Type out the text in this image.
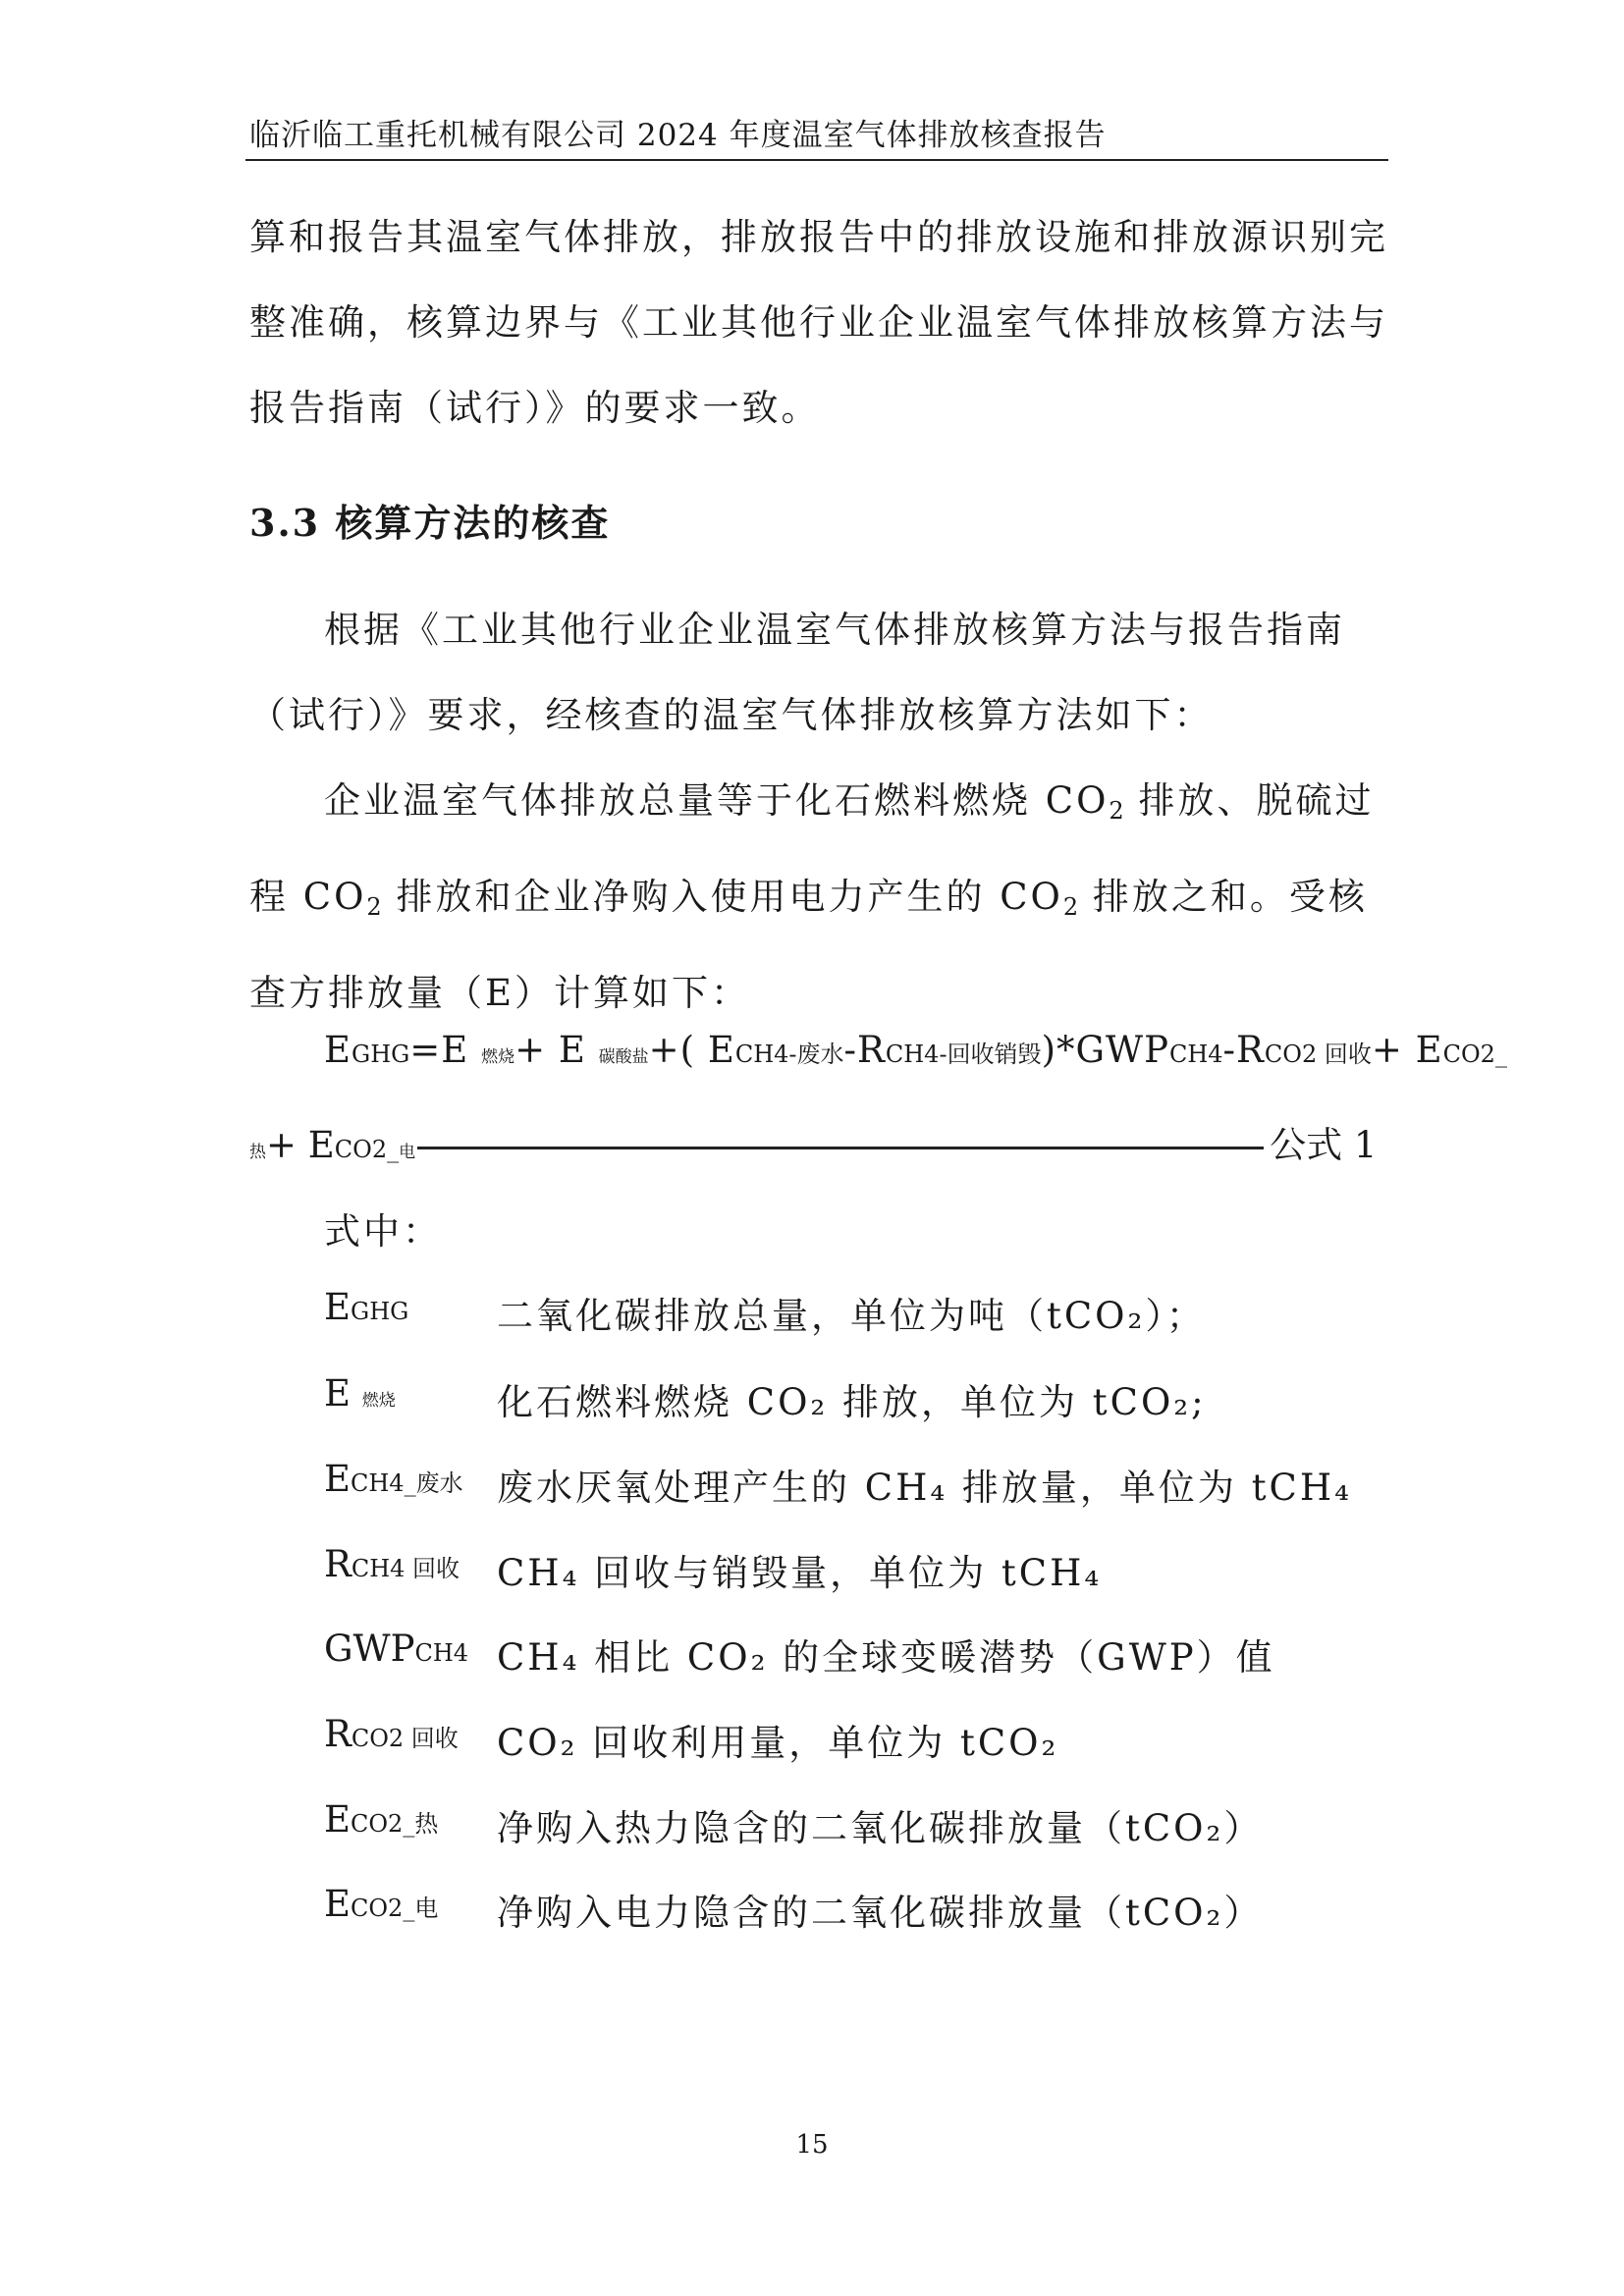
临沂临工重托机械有限公司 2024 年度温室气体排放核查报告
算和报告其温室气体排放，排放报告中的排放设施和排放源识别完整准确，核算边界与《工业其他行业企业温室气体排放核算方法与报告指南（试行）》的要求一致。
3.3 核算方法的核查
根据《工业其他行业企业温室气体排放核算方法与报告指南（试行）》要求，经核查的温室气体排放核算方法如下：
企业温室气体排放总量等于化石燃料燃烧 CO2 排放、脱硫过程 CO2 排放和企业净购入使用电力产生的 CO2 排放之和。受核查方排放量（E）计算如下：
EGHG=E 燃烧+ E 碳酸盐+( ECH4-废水-RCH4-回收销毁)*GWPCH4-RCO2 回收+ ECO2_
热+ ECO2_电	公式 1
式中：
EGHG 二氧化碳排放总量，单位为吨（tCO₂）；
E 燃烧	化石燃料燃烧 CO₂ 排放，单位为 tCO₂;
ECH4_废水 废水厌氧处理产生的 CH₄ 排放量，单位为 tCH₄
RCH4 回收 CH₄ 回收与销毁量，单位为 tCH₄
GWPCH4 CH₄ 相比 CO₂ 的全球变暖潜势（GWP）值
RCO2 回收 CO₂ 回收利用量，单位为 tCO₂
ECO2_热 净购入热力隐含的二氧化碳排放量（tCO₂）
ECO2_电 净购入电力隐含的二氧化碳排放量（tCO₂）
15
